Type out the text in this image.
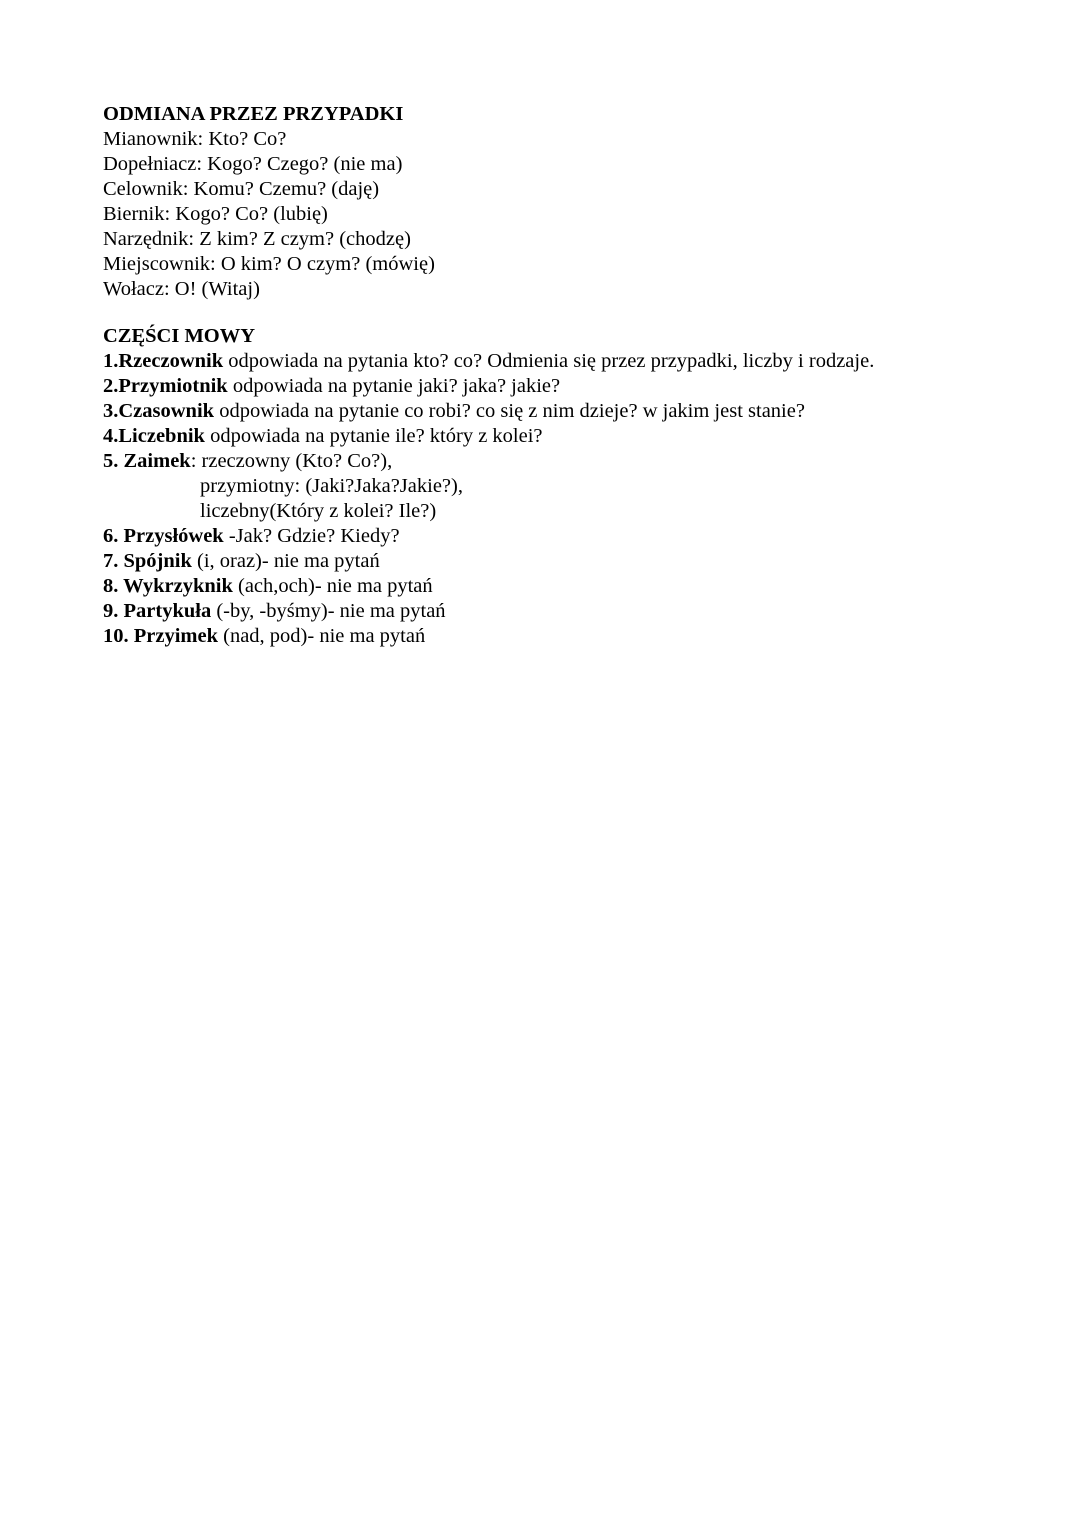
ODMIANA PRZEZ PRZYPADKI

Mianownik: Kto? Co?

Dopełniacz: Kogo? Czego? (nie ma)

Celownik: Komu? Czemu? (daję)

Biernik: Kogo? Co? (lubię)

Narzędnik: Z kim? Z czym? (chodzę)

Miejscownik: O kim? O czym? (mówię)

Wołacz: O! (Witaj)

CZĘŚCI MOWY

1.Rzeczownik odpowiada na pytania kto? co? Odmienia się przez przypadki, liczby i rodzaje.

2.Przymiotnik odpowiada na pytanie jaki? jaka? jakie?

3.Czasownik odpowiada na pytanie co robi? co się z nim dzieje? w jakim jest stanie?

4.Liczebnik odpowiada na pytanie ile? który z kolei?

5. Zaimek: rzeczowny (Kto? Co?),

przymiotny: (Jaki?Jaka?Jakie?),

liczebny(Który z kolei? Ile?)

6. Przysłówek -Jak? Gdzie? Kiedy?

7. Spójnik (i, oraz)- nie ma pytań

8. Wykrzyknik (ach,och)- nie ma pytań

9. Partykuła (-by, -byśmy)- nie ma pytań

10. Przyimek (nad, pod)- nie ma pytań
